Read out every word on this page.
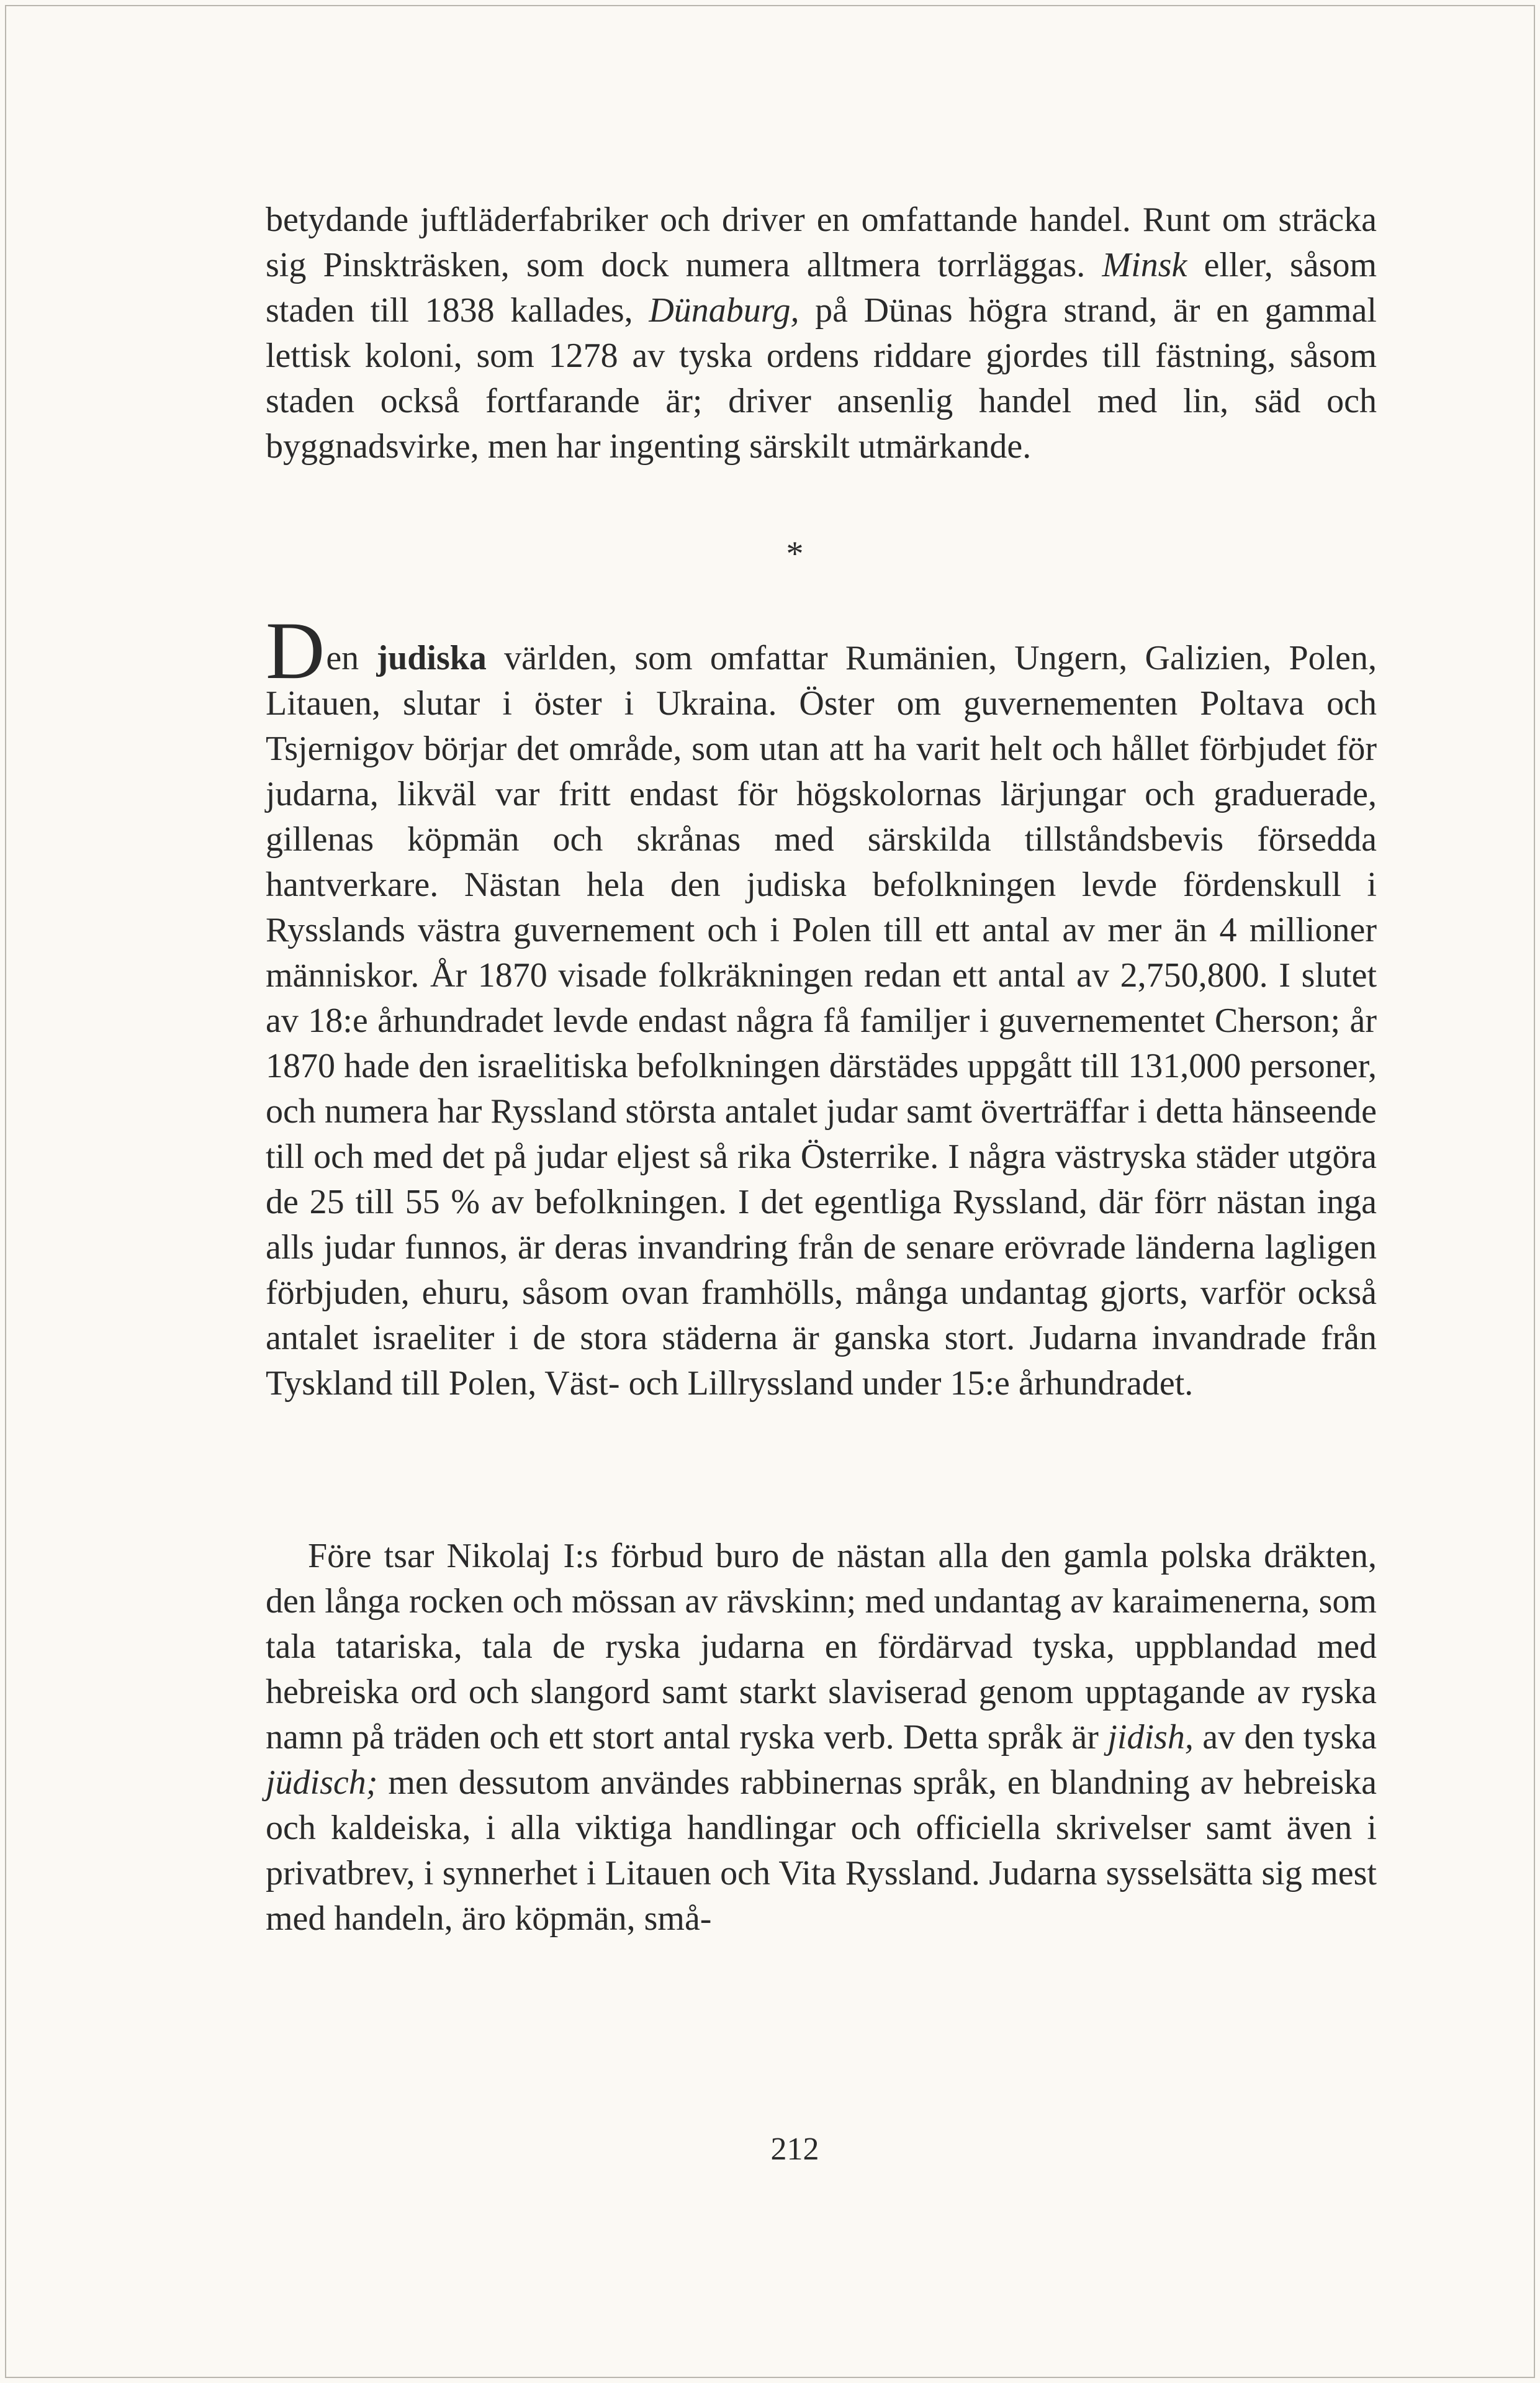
betydande juftläderfabriker och driver en omfattande handel. Runt om sträcka sig Pinskträsken, som dock numera alltmera torrläggas. Minsk eller, såsom staden till 1838 kallades, Dünaburg, på Dünas högra strand, är en gammal lettisk koloni, som 1278 av tyska ordens riddare gjordes till fästning, såsom staden också fortfarande är; driver ansenlig handel med lin, säd och byggnadsvirke, men har ingenting särskilt utmärkande.

*

Den judiska världen, som omfattar Rumänien, Ungern, Galizien, Polen, Litauen, slutar i öster i Ukraina. Öster om guvernementen Poltava och Tsjernigov börjar det område, som utan att ha varit helt och hållet förbjudet för judarna, likväl var fritt endast för högskolornas lärjungar och graduerade, gillenas köpmän och skrånas med särskilda tillståndsbevis försedda hantverkare. Nästan hela den judiska befolkningen levde fördenskull i Rysslands västra guvernement och i Polen till ett antal av mer än 4 millioner människor. År 1870 visade folkräkningen redan ett antal av 2,750,800. I slutet av 18:e århundradet levde endast några få familjer i guvernementet Cherson; år 1870 hade den israelitiska befolkningen därstädes uppgått till 131,000 personer, och numera har Ryssland största antalet judar samt överträffar i detta hänseende till och med det på judar eljest så rika Österrike. I några västryska städer utgöra de 25 till 55 % av befolkningen. I det egentliga Ryssland, där förr nästan inga alls judar funnos, är deras invandring från de senare erövrade länderna lagligen förbjuden, ehuru, såsom ovan framhölls, många undantag gjorts, varför också antalet israeliter i de stora städerna är ganska stort. Judarna invandrade från Tyskland till Polen, Väst- och Lillryssland under 15:e århundradet.

Före tsar Nikolaj I:s förbud buro de nästan alla den gamla polska dräkten, den långa rocken och mössan av rävskinn; med undantag av karaimenerna, som tala tatariska, tala de ryska judarna en fördärvad tyska, uppblandad med hebreiska ord och slangord samt starkt slaviserad genom upptagande av ryska namn på träden och ett stort antal ryska verb. Detta språk är jidish, av den tyska jüdisch; men dessutom användes rabbinernas språk, en blandning av hebreiska och kaldeiska, i alla viktiga handlingar och officiella skrivelser samt även i privatbrev, i synnerhet i Litauen och Vita Ryssland. Judarna sysselsätta sig mest med handeln, äro köpmän, små-

212
